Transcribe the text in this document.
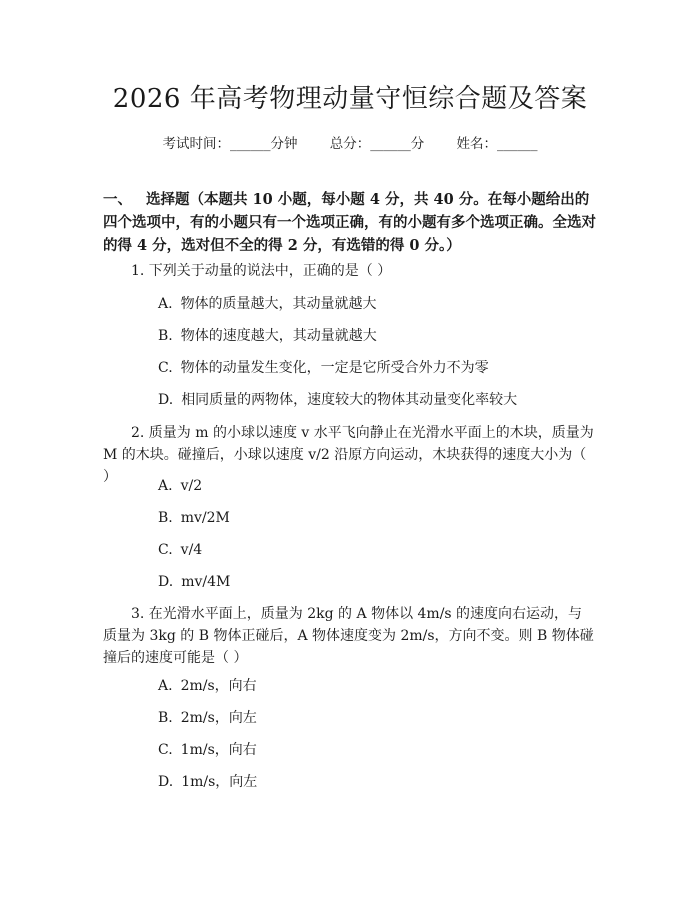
2026 年高考物理动量守恒综合题及答案
考试时间：______分钟 总分：______分 姓名：______

一、 选择题（本题共 10 小题，每小题 4 分，共 40 分。在每小题给出的四个选项中，有的小题只有一个选项正确，有的小题有多个选项正确。全选对的得 4 分，选对但不全的得 2 分，有选错的得 0 分。）

1. 下列关于动量的说法中，正确的是（ ）

A. 物体的质量越大，其动量就越大

B. 物体的速度越大，其动量就越大

C. 物体的动量发生变化，一定是它所受合外力不为零

D. 相同质量的两物体，速度较大的物体其动量变化率较大

2. 质量为 m 的小球以速度 v 水平飞向静止在光滑水平面上的木块，质量为 M 的木块。碰撞后，小球以速度 v/2 沿原方向运动，木块获得的速度大小为（ ）

A. v/2

B. mv/2M

C. v/4

D. mv/4M

3. 在光滑水平面上，质量为 2kg 的 A 物体以 4m/s 的速度向右运动，与质量为 3kg 的 B 物体正碰后，A 物体速度变为 2m/s，方向不变。则 B 物体碰撞后的速度可能是（ ）

A. 2m/s，向右

B. 2m/s，向左

C. 1m/s，向右

D. 1m/s，向左
